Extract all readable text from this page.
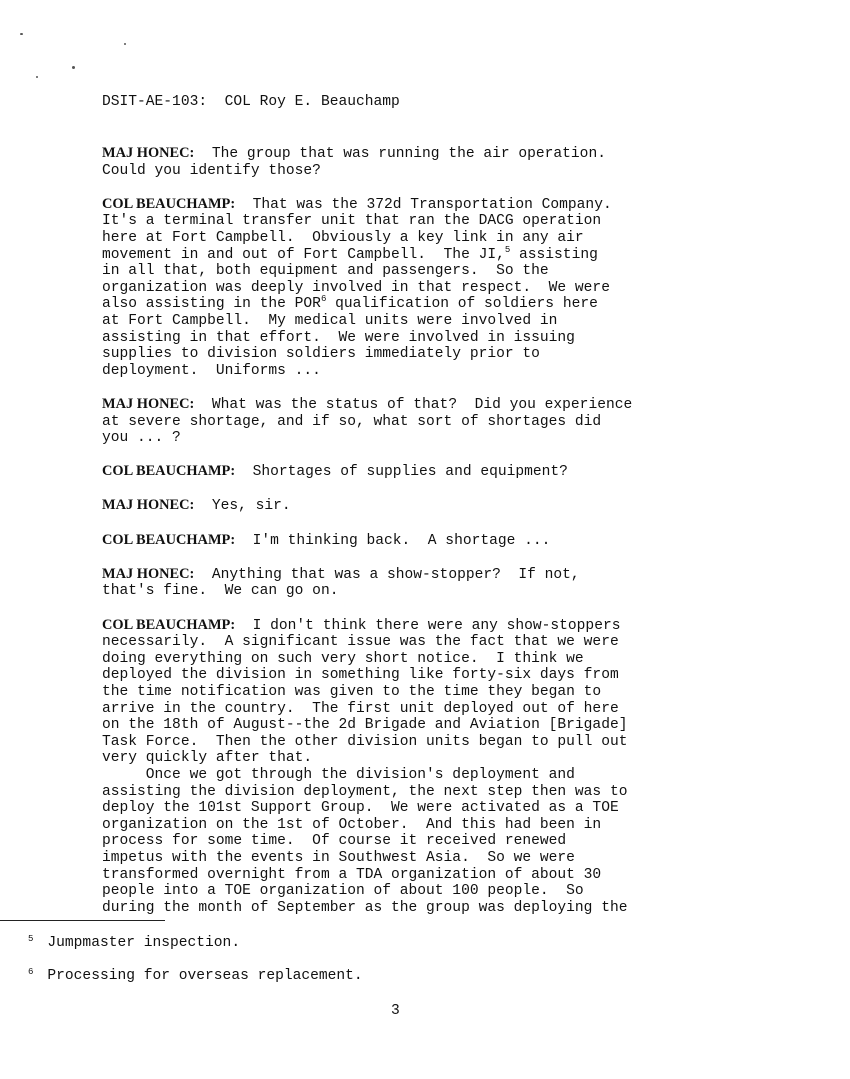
DSIT-AE-103:  COL Roy E. Beauchamp
MAJ HONEC:  The group that was running the air operation.
Could you identify those?
COL BEAUCHAMP:  That was the 372d Transportation Company.
It's a terminal transfer unit that ran the DACG operation
here at Fort Campbell.  Obviously a key link in any air
movement in and out of Fort Campbell.  The JI,$^5$ assisting
in all that, both equipment and passengers.  So the
organization was deeply involved in that respect.  We were
also assisting in the POR$^6$ qualification of soldiers here
at Fort Campbell.  My medical units were involved in
assisting in that effort.  We were involved in issuing
supplies to division soldiers immediately prior to
deployment.  Uniforms ...
MAJ HONEC:  What was the status of that?  Did you experience
at severe shortage, and if so, what sort of shortages did
you ... ?
COL BEAUCHAMP:  Shortages of supplies and equipment?
MAJ HONEC:  Yes, sir.
COL BEAUCHAMP:  I'm thinking back.  A shortage ...
MAJ HONEC:  Anything that was a show-stopper?  If not,
that's fine.  We can go on.
COL BEAUCHAMP:  I don't think there were any show-stoppers
necessarily.  A significant issue was the fact that we were
doing everything on such very short notice.  I think we
deployed the division in something like forty-six days from
the time notification was given to the time they began to
arrive in the country.  The first unit deployed out of here
on the 18th of August--the 2d Brigade and Aviation [Brigade]
Task Force.  Then the other division units began to pull out
very quickly after that.
Once we got through the division's deployment and
assisting the division deployment, the next step then was to
deploy the 101st Support Group.  We were activated as a TOE
organization on the 1st of October.  And this had been in
process for some time.  Of course it received renewed
impetus with the events in Southwest Asia.  So we were
transformed overnight from a TDA organization of about 30
people into a TOE organization of about 100 people.  So
during the month of September as the group was deploying the
$^5$ Jumpmaster inspection.
$^6$ Processing for overseas replacement.
3
